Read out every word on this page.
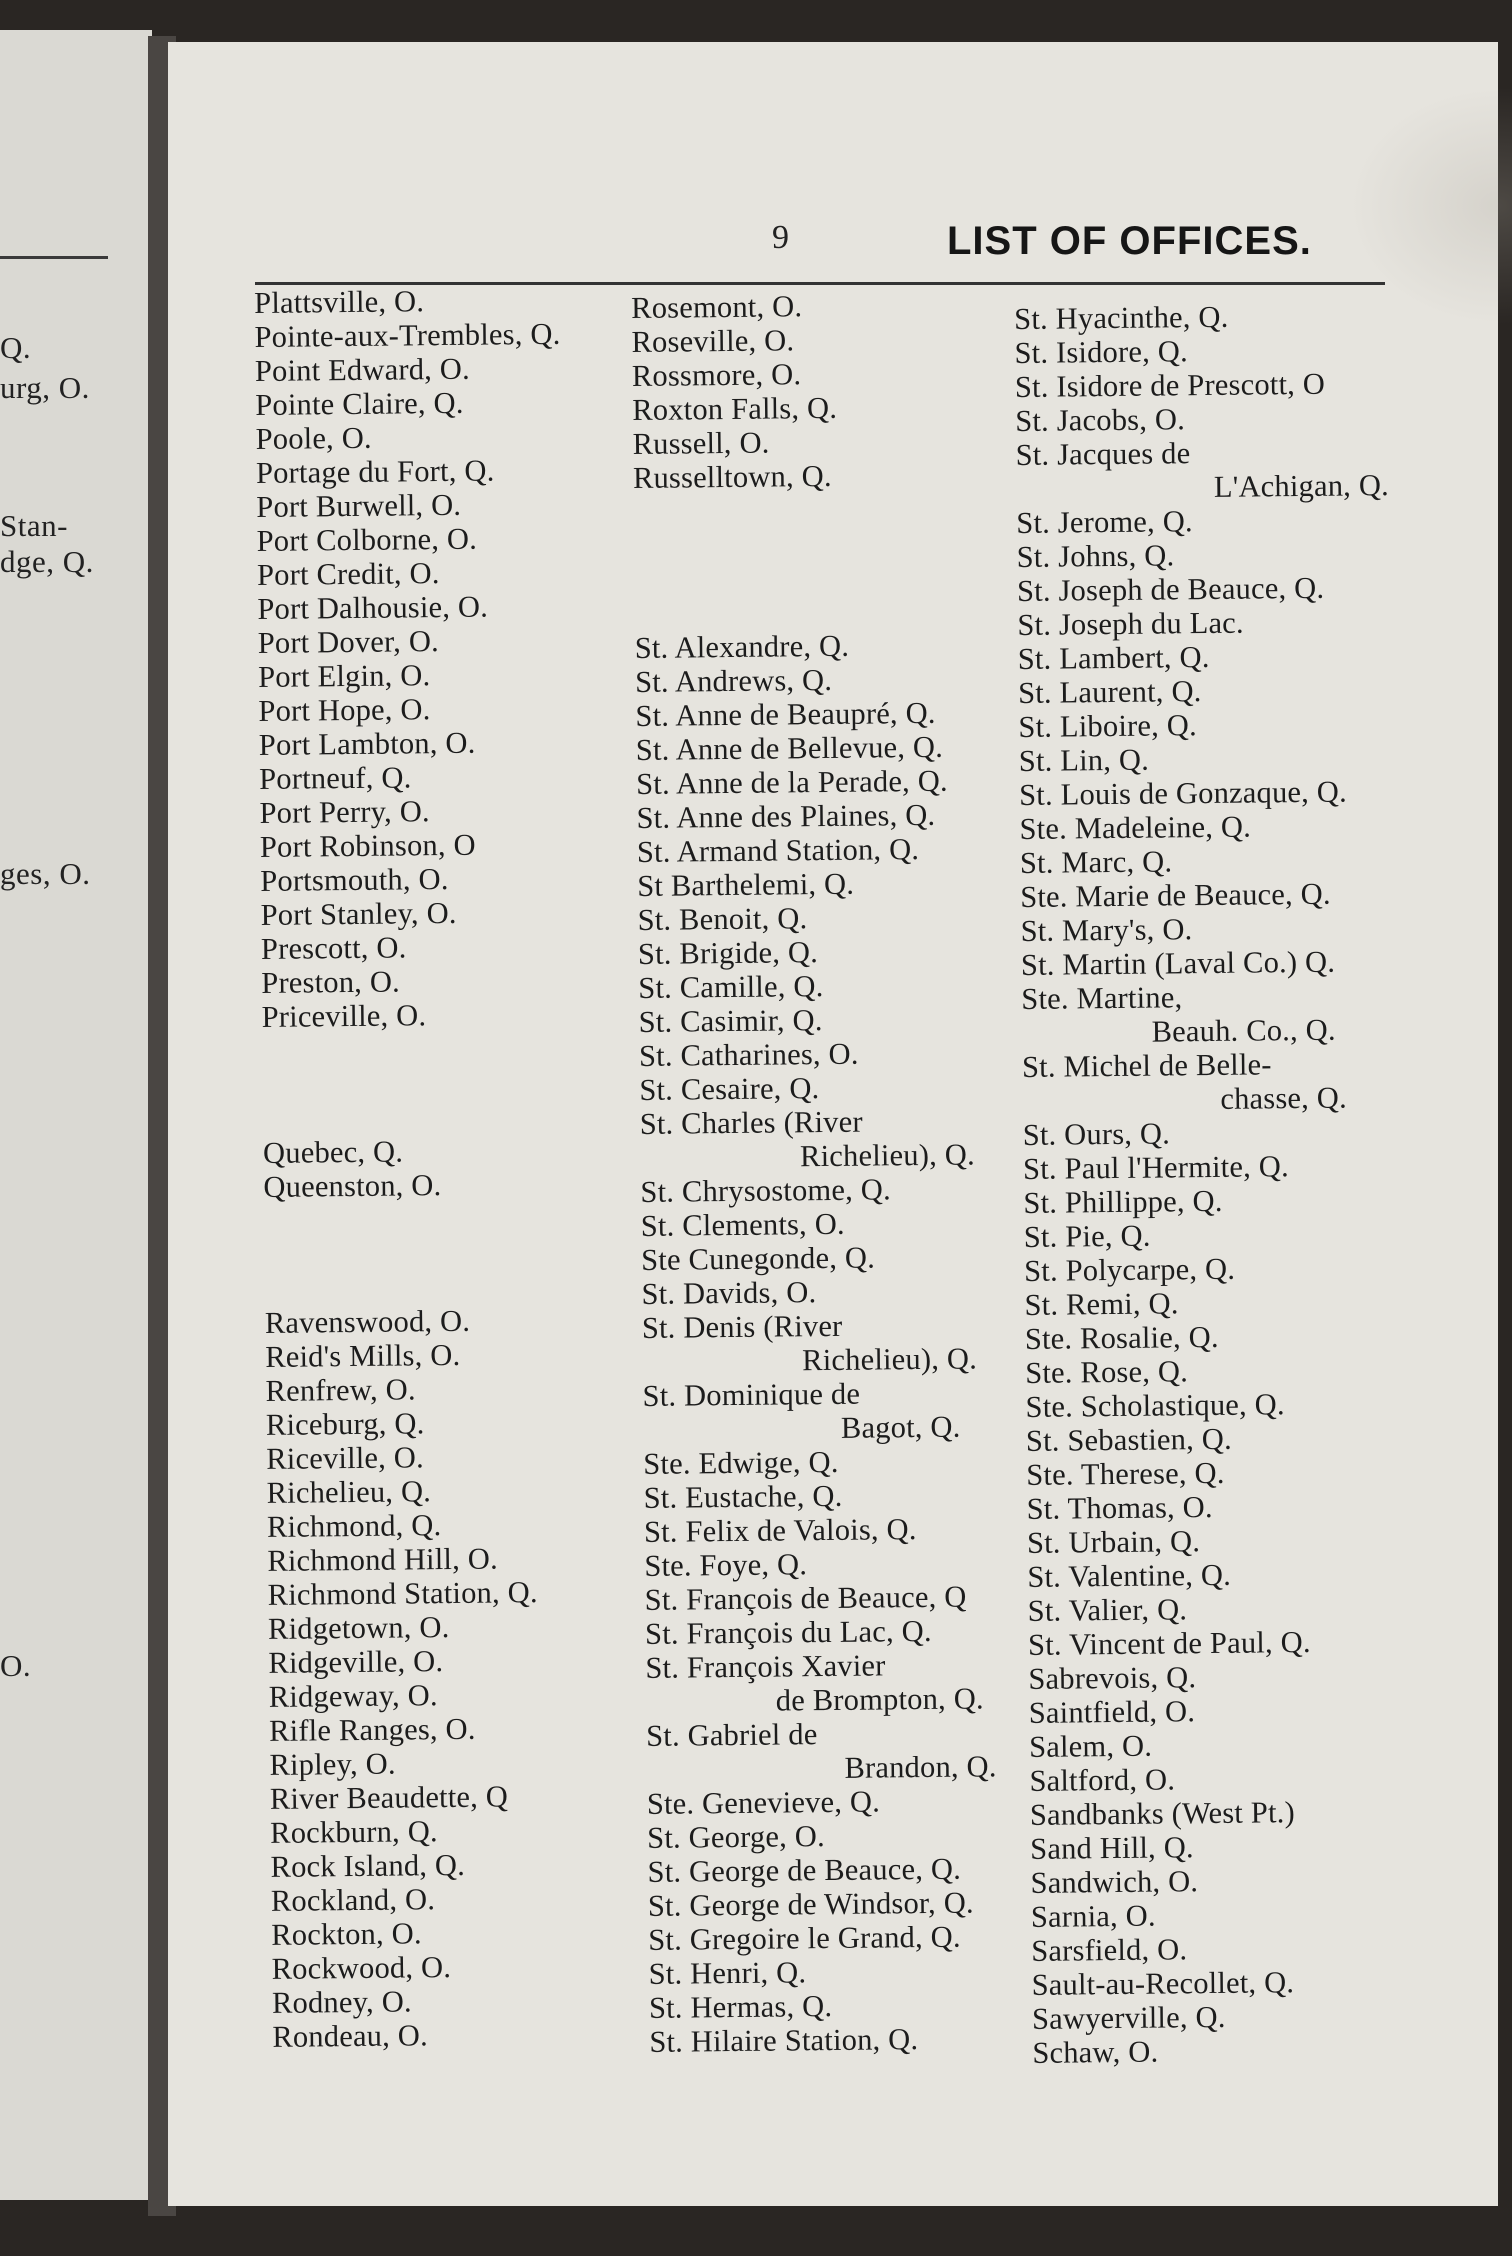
Q.
urg, O.
Stan-
dge, Q.
ges, O.
O.
9	LIST OF OFFICES.
Plattsville, O.
Pointe-aux-Trembles, Q.
Point Edward, O.
Pointe Claire, Q.
Poole, O.
Portage du Fort, Q.
Port Burwell, O.
Port Colborne, O.
Port Credit, O.
Port Dalhousie, O.
Port Dover, O.
Port Elgin, O.
Port Hope, O.
Port Lambton, O.
Portneuf, Q.
Port Perry, O.
Port Robinson, O
Portsmouth, O.
Port Stanley, O.
Prescott, O.
Preston, O.
Priceville, O.
Quebec, Q.
Queenston, O.
Ravenswood, O.
Reid's Mills, O.
Renfrew, O.
Riceburg, Q.
Riceville, O.
Richelieu, Q.
Richmond, Q.
Richmond Hill, O.
Richmond Station, Q.
Ridgetown, O.
Ridgeville, O.
Ridgeway, O.
Rifle Ranges, O.
Ripley, O.
River Beaudette, Q
Rockburn, Q.
Rock Island, Q.
Rockland, O.
Rockton, O.
Rockwood, O.
Rodney, O.
Rondeau, O.
Rosemont, O.
Roseville, O.
Rossmore, O.
Roxton Falls, Q.
Russell, O.
Russelltown, Q.
St. Alexandre, Q.
St. Andrews, Q.
St. Anne de Beaupré, Q.
St. Anne de Bellevue, Q.
St. Anne de la Perade, Q.
St. Anne des Plaines, Q.
St. Armand Station, Q.
St Barthelemi, Q.
St. Benoit, Q.
St. Brigide, Q.
St. Camille, Q.
St. Casimir, Q.
St. Catharines, O.
St. Cesaire, Q.
St. Charles (River
Richelieu), Q.
St. Chrysostome, Q.
St. Clements, O.
Ste Cunegonde, Q.
St. Davids, O.
St. Denis (River
Richelieu), Q.
St. Dominique de
Bagot, Q.
Ste. Edwige, Q.
St. Eustache, Q.
St. Felix de Valois, Q.
Ste. Foye, Q.
St. François de Beauce, Q
St. François du Lac, Q.
St. François Xavier
de Brompton, Q.
St. Gabriel de
Brandon, Q.
Ste. Genevieve, Q.
St. George, O.
St. George de Beauce, Q.
St. George de Windsor, Q.
St. Gregoire le Grand, Q.
St. Henri, Q.
St. Hermas, Q.
St. Hilaire Station, Q.
St. Hyacinthe, Q.
St. Isidore, Q.
St. Isidore de Prescott, O
St. Jacobs, O.
St. Jacques de
L'Achigan, Q.
St. Jerome, Q.
St. Johns, Q.
St. Joseph de Beauce, Q.
St. Joseph du Lac.
St. Lambert, Q.
St. Laurent, Q.
St. Liboire, Q.
St. Lin, Q.
St. Louis de Gonzaque, Q.
Ste. Madeleine, Q.
St. Marc, Q.
Ste. Marie de Beauce, Q.
St. Mary's, O.
St. Martin (Laval Co.) Q.
Ste. Martine,
Beauh. Co., Q.
St. Michel de Belle-
chasse, Q.
St. Ours, Q.
St. Paul l'Hermite, Q.
St. Phillippe, Q.
St. Pie, Q.
St. Polycarpe, Q.
St. Remi, Q.
Ste. Rosalie, Q.
Ste. Rose, Q.
Ste. Scholastique, Q.
St. Sebastien, Q.
Ste. Therese, Q.
St. Thomas, O.
St. Urbain, Q.
St. Valentine, Q.
St. Valier, Q.
St. Vincent de Paul, Q.
Sabrevois, Q.
Saintfield, O.
Salem, O.
Saltford, O.
Sandbanks (West Pt.)
Sand Hill, Q.
Sandwich, O.
Sarnia, O.
Sarsfield, O.
Sault-au-Recollet, Q.
Sawyerville, Q.
Schaw, O.
